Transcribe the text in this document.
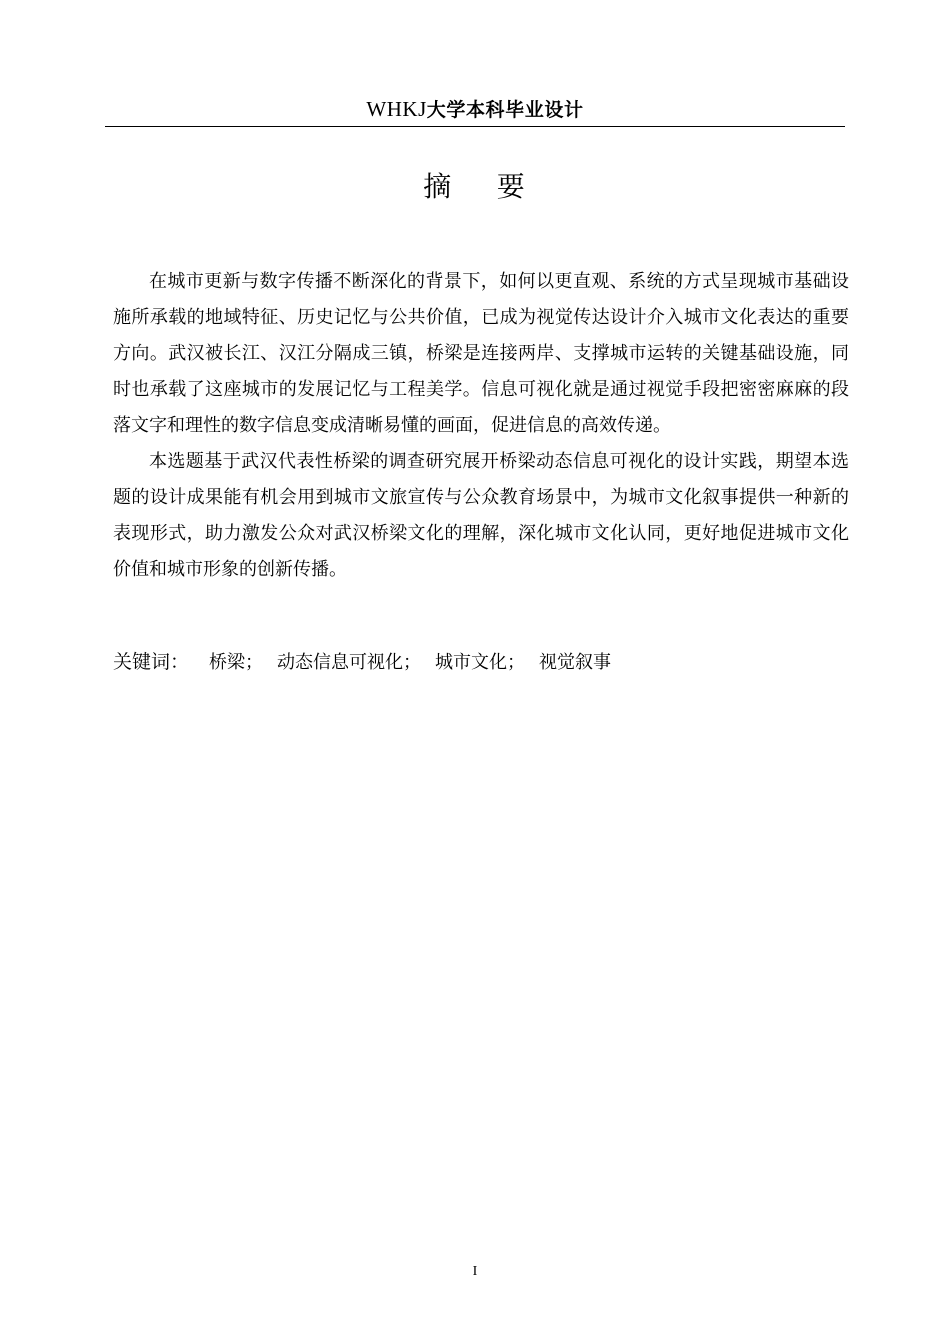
WHKJ大学本科毕业设计
摘    要

在城市更新与数字传播不断深化的背景下，如何以更直观、系统的方式呈现城市基础设施所承载的地域特征、历史记忆与公共价值，已成为视觉传达设计介入城市文化表达的重要方向。武汉被长江、汉江分隔成三镇，桥梁是连接两岸、支撑城市运转的关键基础设施，同时也承载了这座城市的发展记忆与工程美学。信息可视化就是通过视觉手段把密密麻麻的段落文字和理性的数字信息变成清晰易懂的画面，促进信息的高效传递。

本选题基于武汉代表性桥梁的调查研究展开桥梁动态信息可视化的设计实践，期望本选题的设计成果能有机会用到城市文旅宣传与公众教育场景中，为城市文化叙事提供一种新的表现形式，助力激发公众对武汉桥梁文化的理解，深化城市文化认同，更好地促进城市文化价值和城市形象的创新传播。

关键词： 桥梁； 动态信息可视化； 城市文化； 视觉叙事
I
